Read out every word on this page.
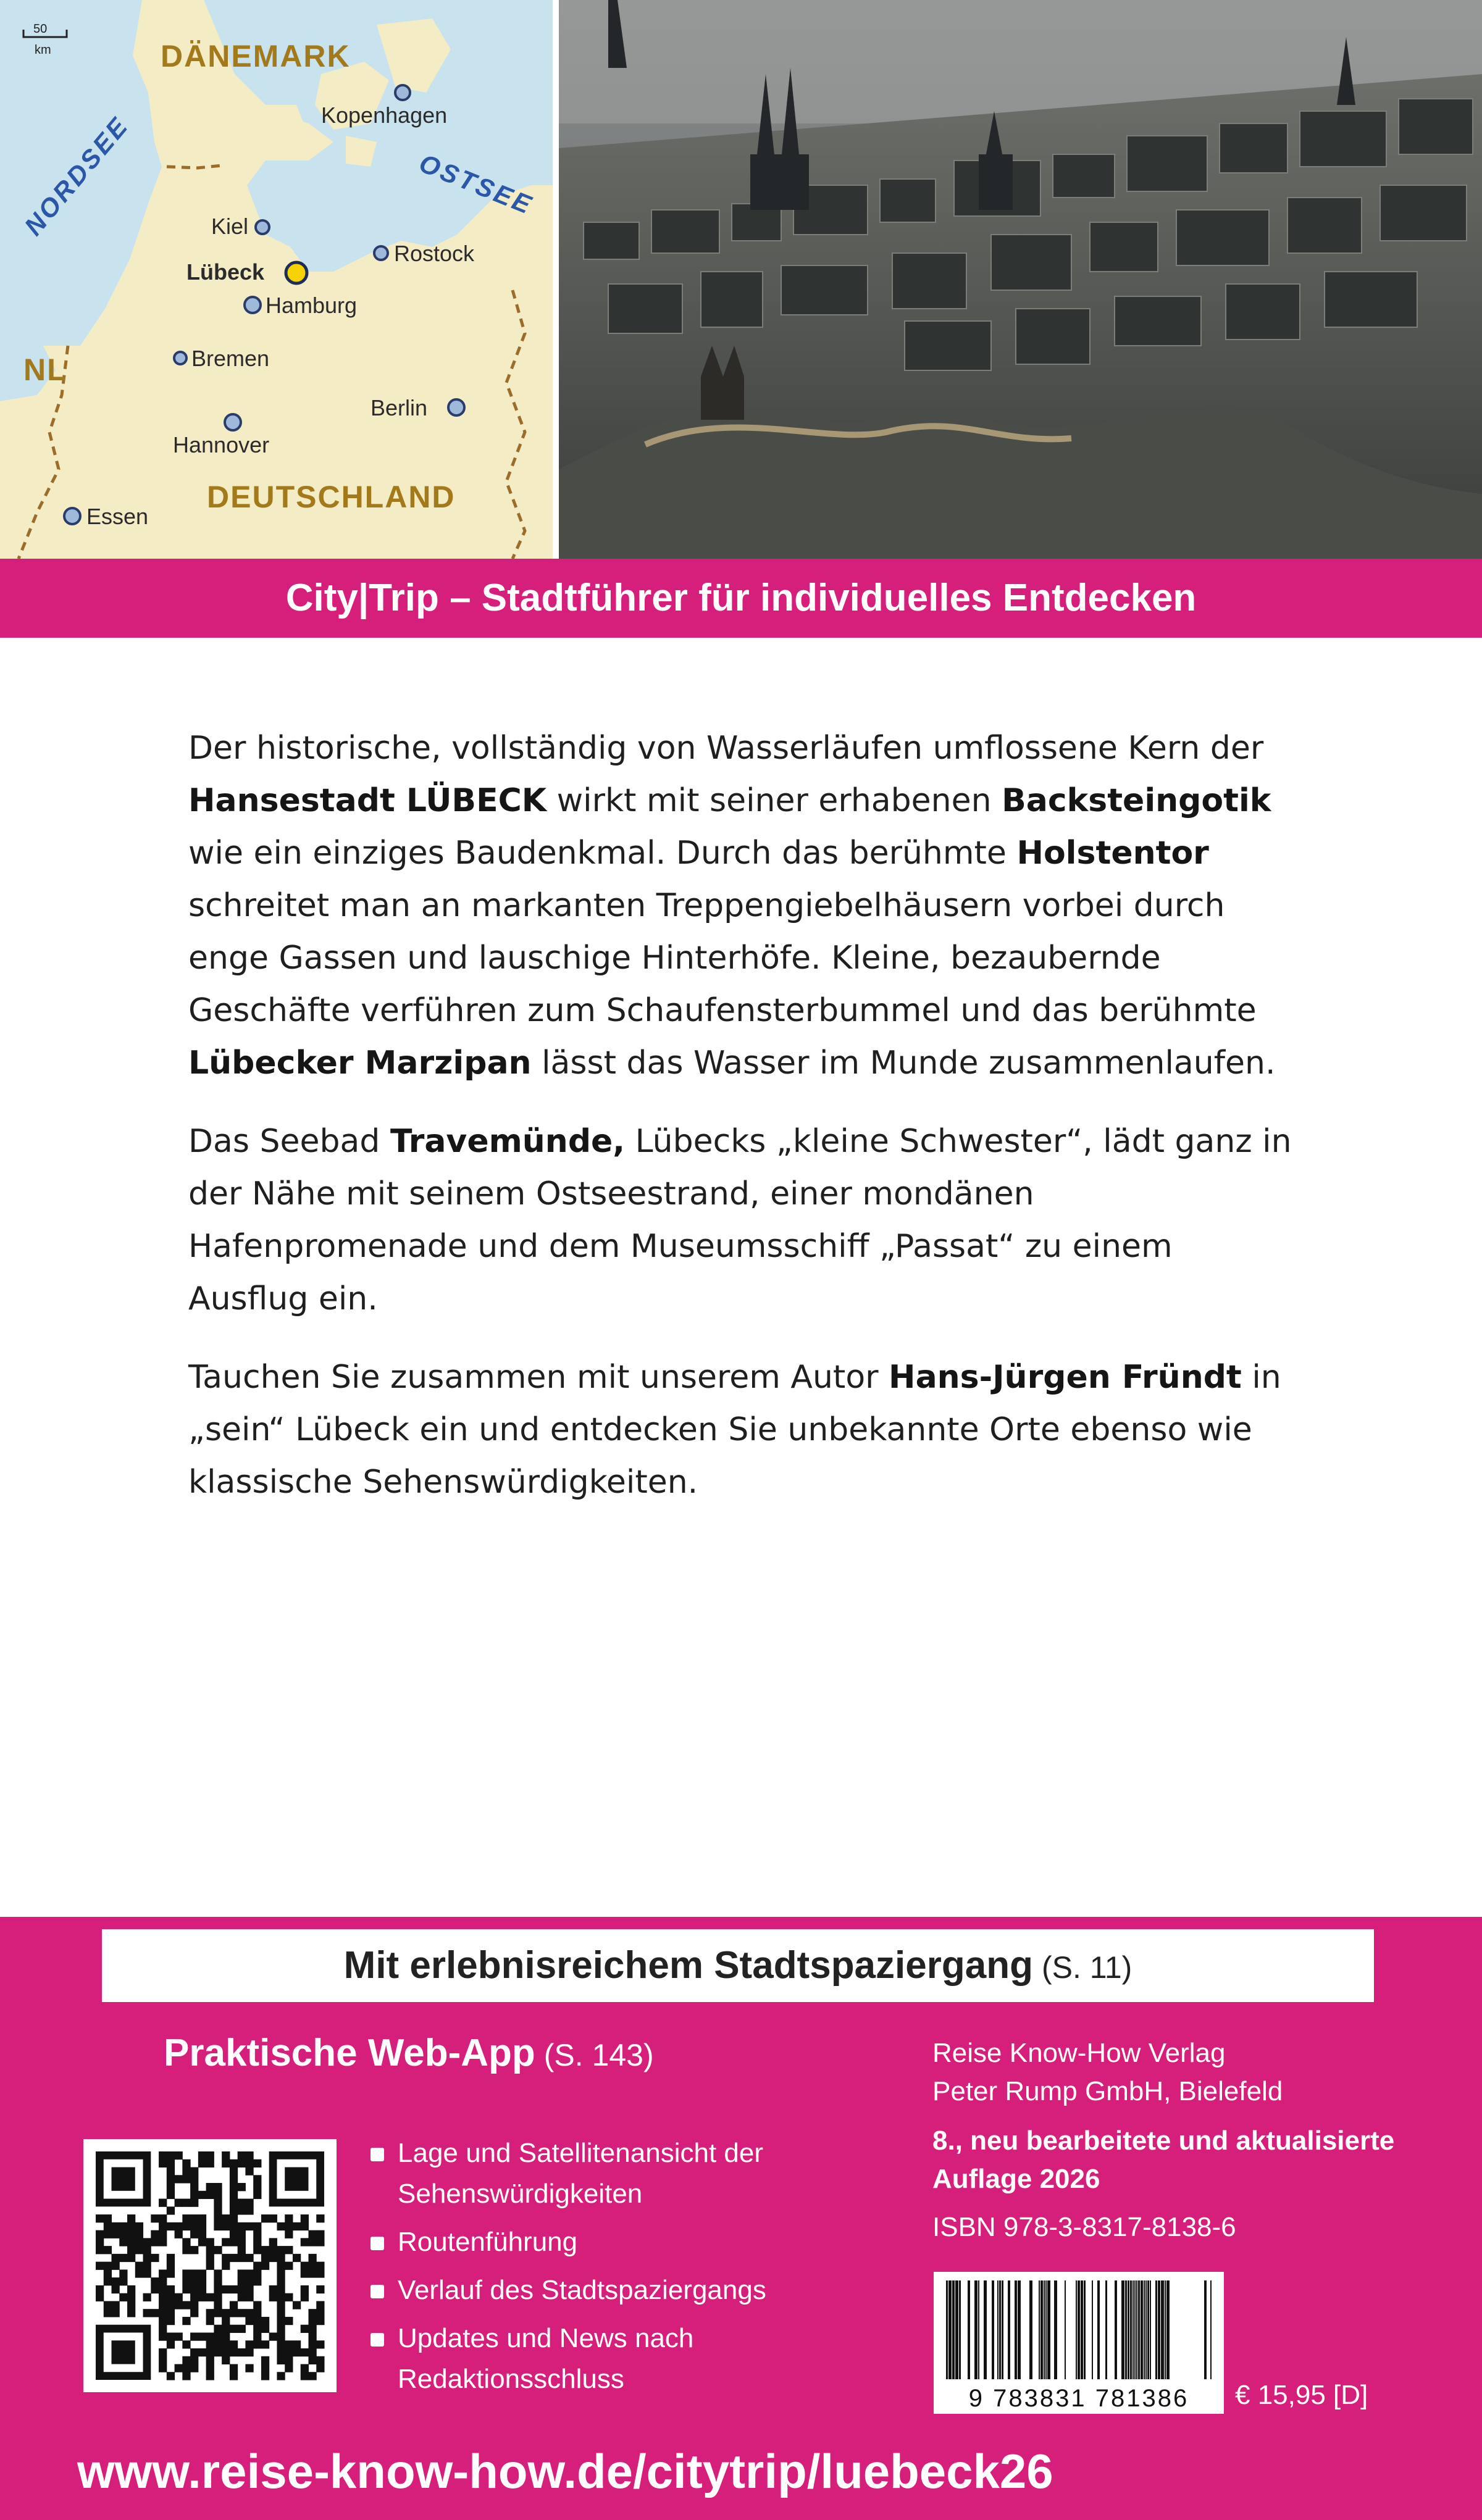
50
km	DÄNEMARK
DEUTSCHLAND
NL
NORDSEE	OSTSEE
Kopenhagen
Kiel
Lübeck
Rostock
Hamburg
Bremen
Berlin
Hannover
Essen
City|Trip – Stadtführer für individuelles Entdecken

Der historische, vollständig von Wasserläufen umflossene Kern der Hansestadt LÜBECK wirkt mit seiner erhabenen Backsteingotik wie ein einziges Baudenkmal. Durch das berühmte Holstentor schreitet man an markanten Treppengiebelhäusern vorbei durch enge Gassen und lauschige Hinterhöfe. Kleine, bezaubernde Geschäfte verführen zum Schaufensterbummel und das berühmte Lübecker Marzipan lässt das Wasser im Munde zusammenlaufen.

Das Seebad Travemünde, Lübecks „kleine Schwester“, lädt ganz in der Nähe mit seinem Ostseestrand, einer mondänen Hafenpromenade und dem Museumsschiff „Passat“ zu einem Ausflug ein.

Tauchen Sie zusammen mit unserem Autor Hans-Jürgen Fründt in „sein“ Lübeck ein und entdecken Sie unbekannte Orte ebenso wie klassische Sehenswürdigkeiten.

Mit erlebnisreichem Stadtspaziergang (S. 11)
Praktische Web-App (S. 143)
Lage und Satellitenansicht der Sehenswürdigkeiten
Routenführung
Verlauf des Stadtspaziergangs
Updates und News nach Redaktionsschluss
Reise Know-How Verlag
Peter Rump GmbH, Bielefeld
8., neu bearbeitete und aktualisierte Auflage 2026
ISBN 978-3-8317-8138-6
9 783831 781386	€ 15,95 [D]
www.reise-know-how.de/citytrip/luebeck26
